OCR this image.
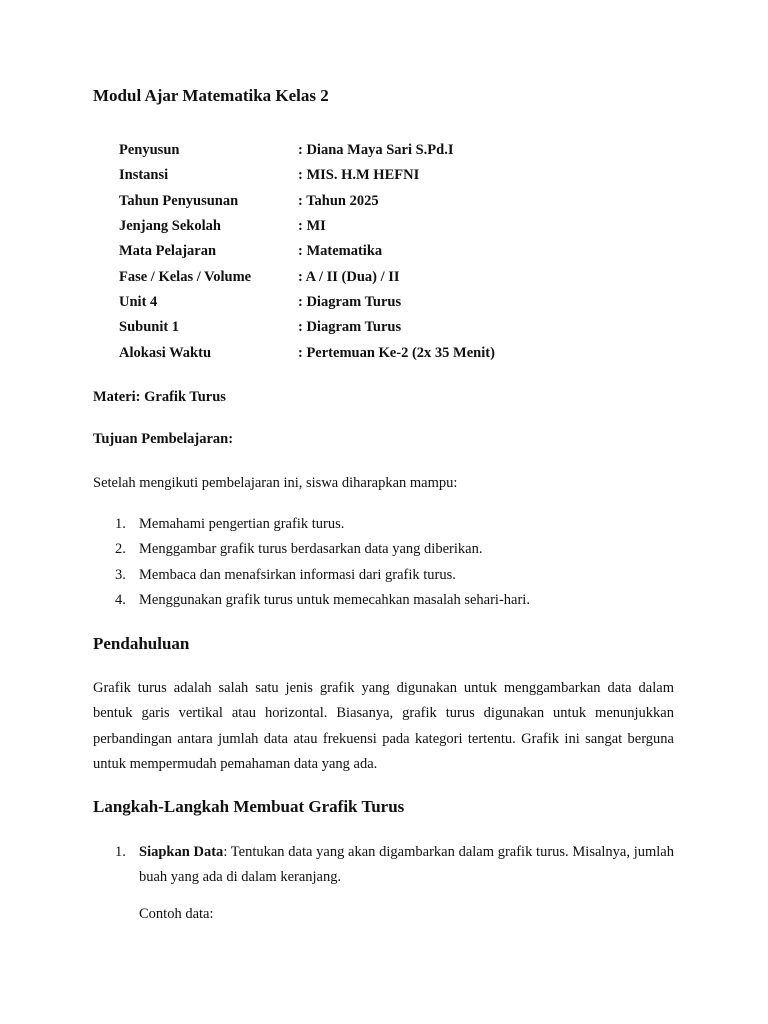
Modul Ajar Matematika Kelas 2
Penyusun	: Diana Maya Sari S.Pd.I
Instansi	: MIS. H.M HEFNI
Tahun Penyusunan	: Tahun 2025
Jenjang Sekolah	: MI
Mata Pelajaran	: Matematika
Fase / Kelas / Volume	: A / II (Dua) / II
Unit 4	: Diagram Turus
Subunit 1	: Diagram Turus
Alokasi Waktu	: Pertemuan Ke-2 (2x 35 Menit)

Materi: Grafik Turus

Tujuan Pembelajaran:

Setelah mengikuti pembelajaran ini, siswa diharapkan mampu:

1. Memahami pengertian grafik turus.
2. Menggambar grafik turus berdasarkan data yang diberikan.
3. Membaca dan menafsirkan informasi dari grafik turus.
4. Menggunakan grafik turus untuk memecahkan masalah sehari-hari.
Pendahuluan

Grafik turus adalah salah satu jenis grafik yang digunakan untuk menggambarkan data dalam bentuk garis vertikal atau horizontal. Biasanya, grafik turus digunakan untuk menunjukkan perbandingan antara jumlah data atau frekuensi pada kategori tertentu. Grafik ini sangat berguna untuk mempermudah pemahaman data yang ada.

Langkah-Langkah Membuat Grafik Turus
1. Siapkan Data: Tentukan data yang akan digambarkan dalam grafik turus. Misalnya, jumlah buah yang ada di dalam keranjang.

Contoh data:
